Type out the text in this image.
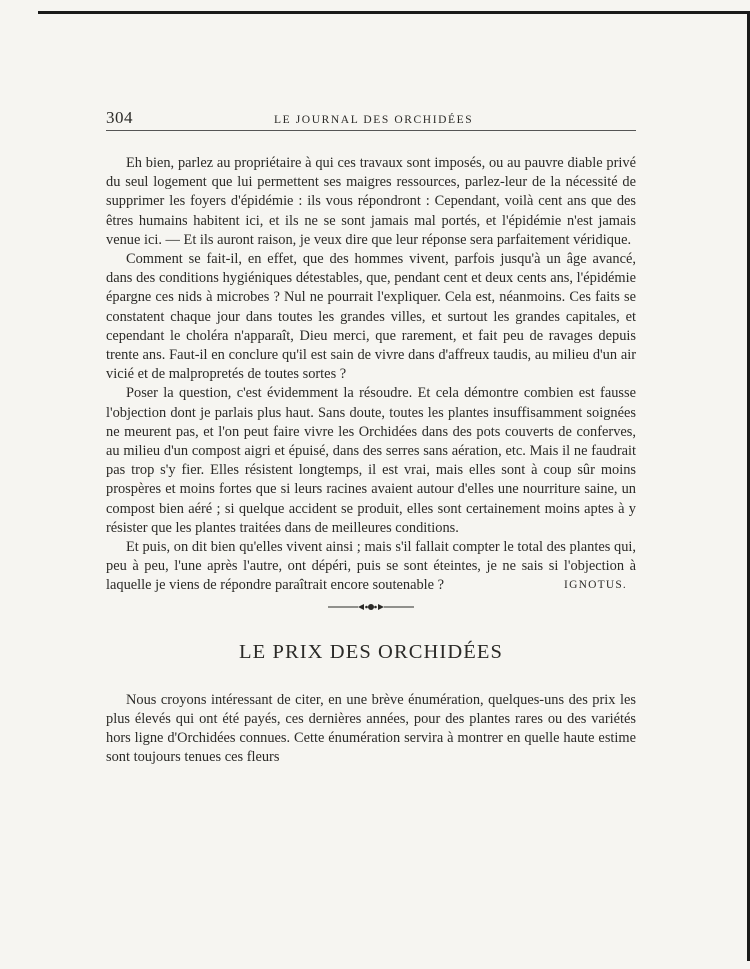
304	LE JOURNAL DES ORCHIDÉES

Eh bien, parlez au propriétaire à qui ces travaux sont imposés, ou au pauvre diable privé du seul logement que lui permettent ses maigres ressources, parlez-leur de la nécessité de supprimer les foyers d'épidémie : ils vous répondront : Cependant, voilà cent ans que des êtres humains habitent ici, et ils ne se sont jamais mal portés, et l'épidémie n'est jamais venue ici. — Et ils auront raison, je veux dire que leur réponse sera parfaitement véridique.

Comment se fait-il, en effet, que des hommes vivent, parfois jusqu'à un âge avancé, dans des conditions hygiéniques détestables, que, pendant cent et deux cents ans, l'épidémie épargne ces nids à microbes ? Nul ne pourrait l'expliquer. Cela est, néanmoins. Ces faits se constatent chaque jour dans toutes les grandes villes, et surtout les grandes capitales, et cependant le choléra n'apparaît, Dieu merci, que rarement, et fait peu de ravages depuis trente ans. Faut-il en conclure qu'il est sain de vivre dans d'affreux taudis, au milieu d'un air vicié et de malpropretés de toutes sortes ?

Poser la question, c'est évidemment la résoudre. Et cela démontre combien est fausse l'objection dont je parlais plus haut. Sans doute, toutes les plantes insuffisamment soignées ne meurent pas, et l'on peut faire vivre les Orchidées dans des pots couverts de conferves, au milieu d'un compost aigri et épuisé, dans des serres sans aération, etc. Mais il ne faudrait pas trop s'y fier. Elles résistent longtemps, il est vrai, mais elles sont à coup sûr moins prospères et moins fortes que si leurs racines avaient autour d'elles une nourriture saine, un compost bien aéré ; si quelque accident se produit, elles sont certainement moins aptes à y résister que les plantes traitées dans de meilleures conditions.

Et puis, on dit bien qu'elles vivent ainsi ; mais s'il fallait compter le total des plantes qui, peu à peu, l'une après l'autre, ont dépéri, puis se sont éteintes, je ne sais si l'objection à laquelle je viens de répondre paraîtrait encore soutenable ?	IGNOTUS.
LE PRIX DES ORCHIDÉES

Nous croyons intéressant de citer, en une brève énumération, quelques-uns des prix les plus élevés qui ont été payés, ces dernières années, pour des plantes rares ou des variétés hors ligne d'Orchidées connues. Cette énumération servira à montrer en quelle haute estime sont toujours tenues ces fleurs
